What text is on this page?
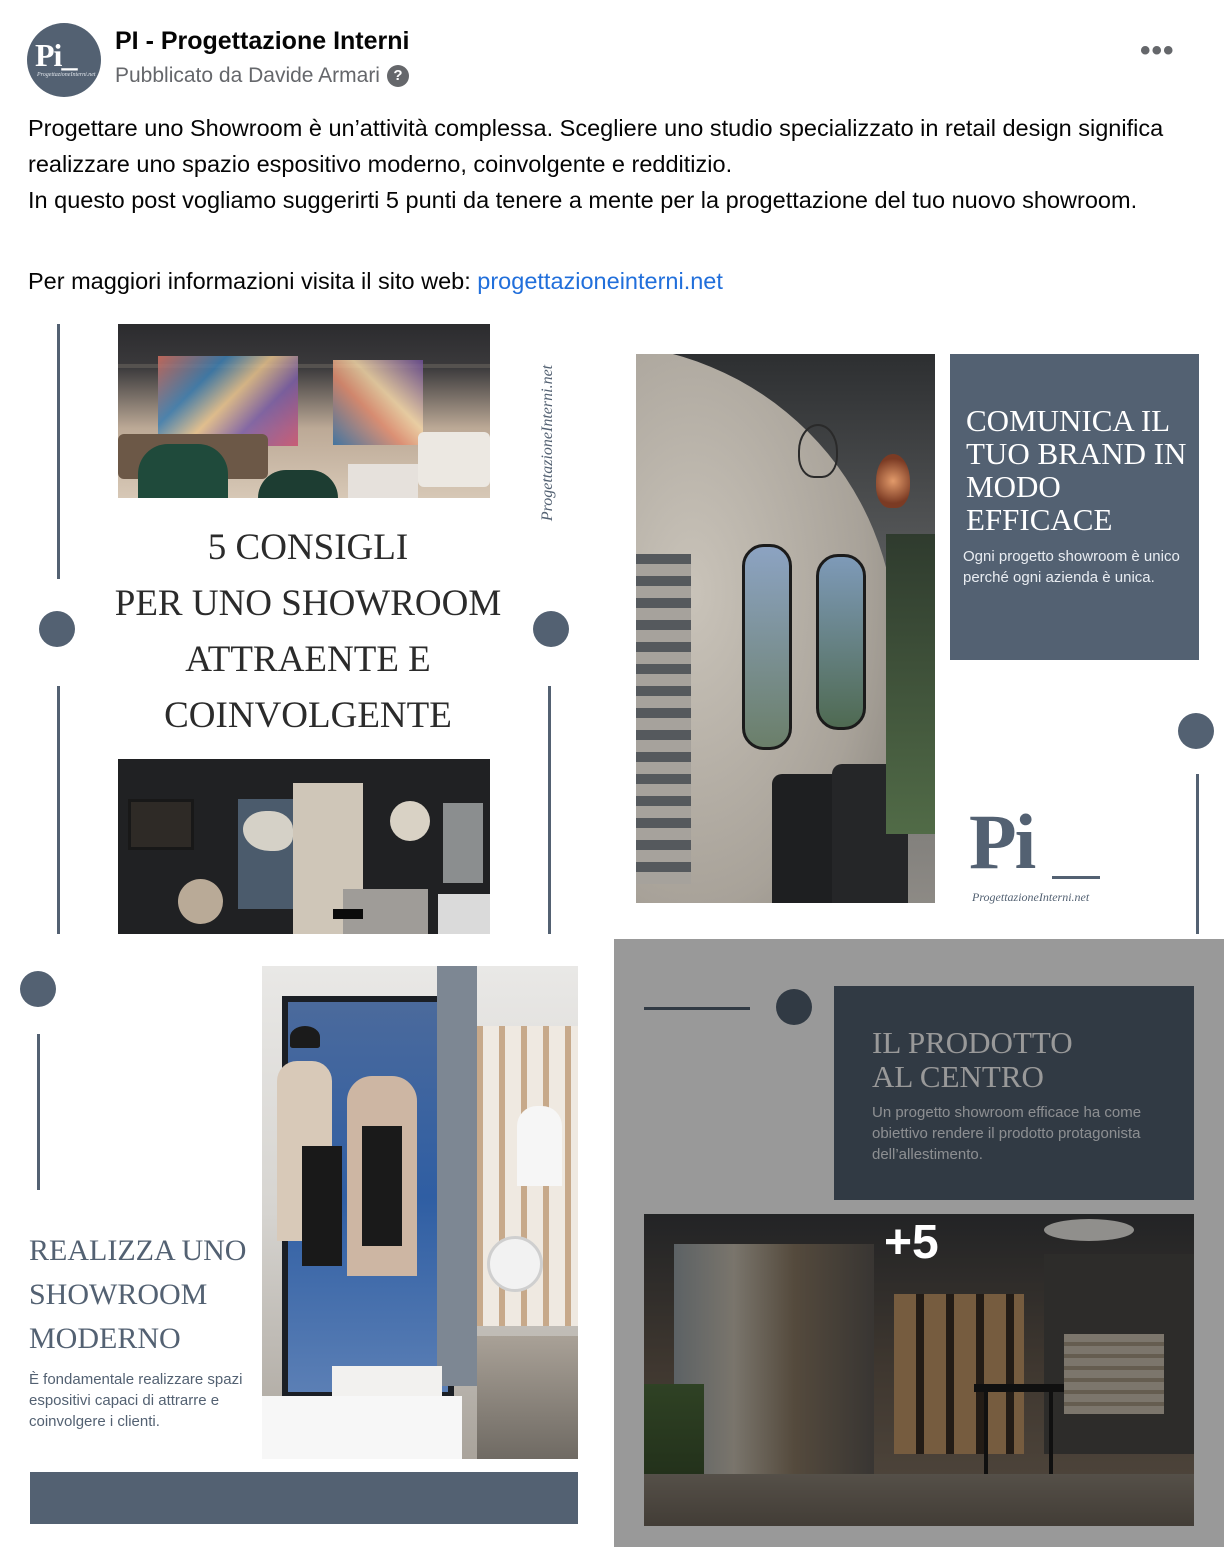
Pi_
ProgettazioneInterni.net
PI - Progettazione Interni
Pubblicato da Davide Armari ?
•••

Progettare uno Showroom è un’attività complessa. Scegliere uno studio specializzato in retail design significa realizzare uno spazio espositivo moderno, coinvolgente e redditizio.

In questo post vogliamo suggerirti 5 punti da tenere a mente per la progettazione del tuo nuovo showroom.

Per maggiori informazioni visita il sito web: progettazioneinterni.net
5 CONSIGLI
PER UNO SHOWROOM
ATTRAENTE E
COINVOLGENTE
ProgettazioneInterni.net	COMUNICA IL TUO BRAND IN MODO EFFICACE
Ogni progetto showroom è unico perché ogni azienda è unica.
Pi
ProgettazioneInterni.net
REALIZZA UNO
SHOWROOM
MODERNO
È fondamentale realizzare spazi espositivi capaci di attrarre e coinvolgere i clienti.
IL PRODOTTO
AL CENTRO
Un progetto showroom efficace ha come obiettivo rendere il prodotto protagonista dell’allestimento.
+5
